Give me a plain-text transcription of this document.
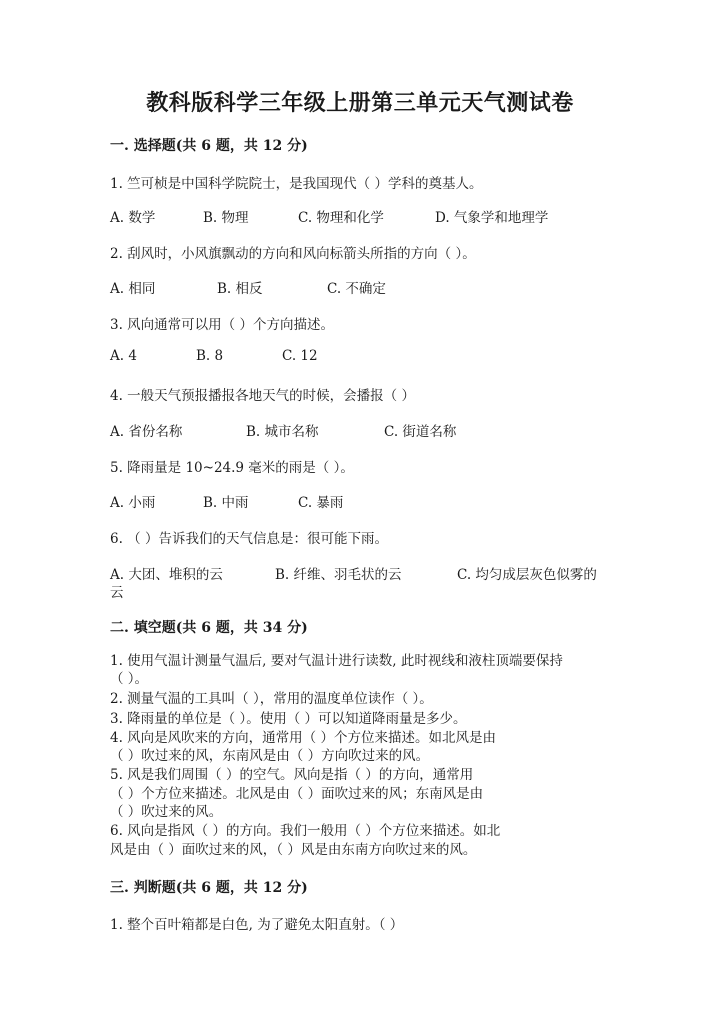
教科版科学三年级上册第三单元天气测试卷
一. 选择题(共 6 题，共 12 分)
1. 竺可桢是中国科学院院士，是我国现代（ ）学科的奠基人。
A. 数学	B. 物理	C. 物理和化学	D. 气象学和地理学
2. 刮风时，小风旗飘动的方向和风向标箭头所指的方向（ ）。
A. 相同	B. 相反	C. 不确定
3. 风向通常可以用（ ）个方向描述。
A. 4	B. 8	C. 12
4. 一般天气预报播报各地天气的时候，会播报（ ）
A. 省份名称	B. 城市名称	C. 街道名称
5. 降雨量是 10~24.9 毫米的雨是（ ）。
A. 小雨	B. 中雨	C. 暴雨
6. （ ）告诉我们的天气信息是：很可能下雨。
A. 大团、堆积的云	B. 纤维、羽毛状的云	C. 均匀成层灰色似雾的
云
二. 填空题(共 6 题，共 34 分)
1. 使用气温计测量气温后, 要对气温计进行读数, 此时视线和液柱顶端要保持
（ ）。
2. 测量气温的工具叫（ ），常用的温度单位读作（ ）。
3. 降雨量的单位是（ ）。使用（ ）可以知道降雨量是多少。
4. 风向是风吹来的方向，通常用（ ）个方位来描述。如北风是由
（ ）吹过来的风，东南风是由（ ）方向吹过来的风。
5. 风是我们周围（ ）的空气。风向是指（ ）的方向，通常用
（ ）个方位来描述。北风是由（ ）面吹过来的风；东南风是由
（ ）吹过来的风。
6. 风向是指风（ ）的方向。我们一般用（ ）个方位来描述。如北
风是由（ ）面吹过来的风，（ ）风是由东南方向吹过来的风。
三. 判断题(共 6 题，共 12 分)
1. 整个百叶箱都是白色, 为了避免太阳直射。（ ）
